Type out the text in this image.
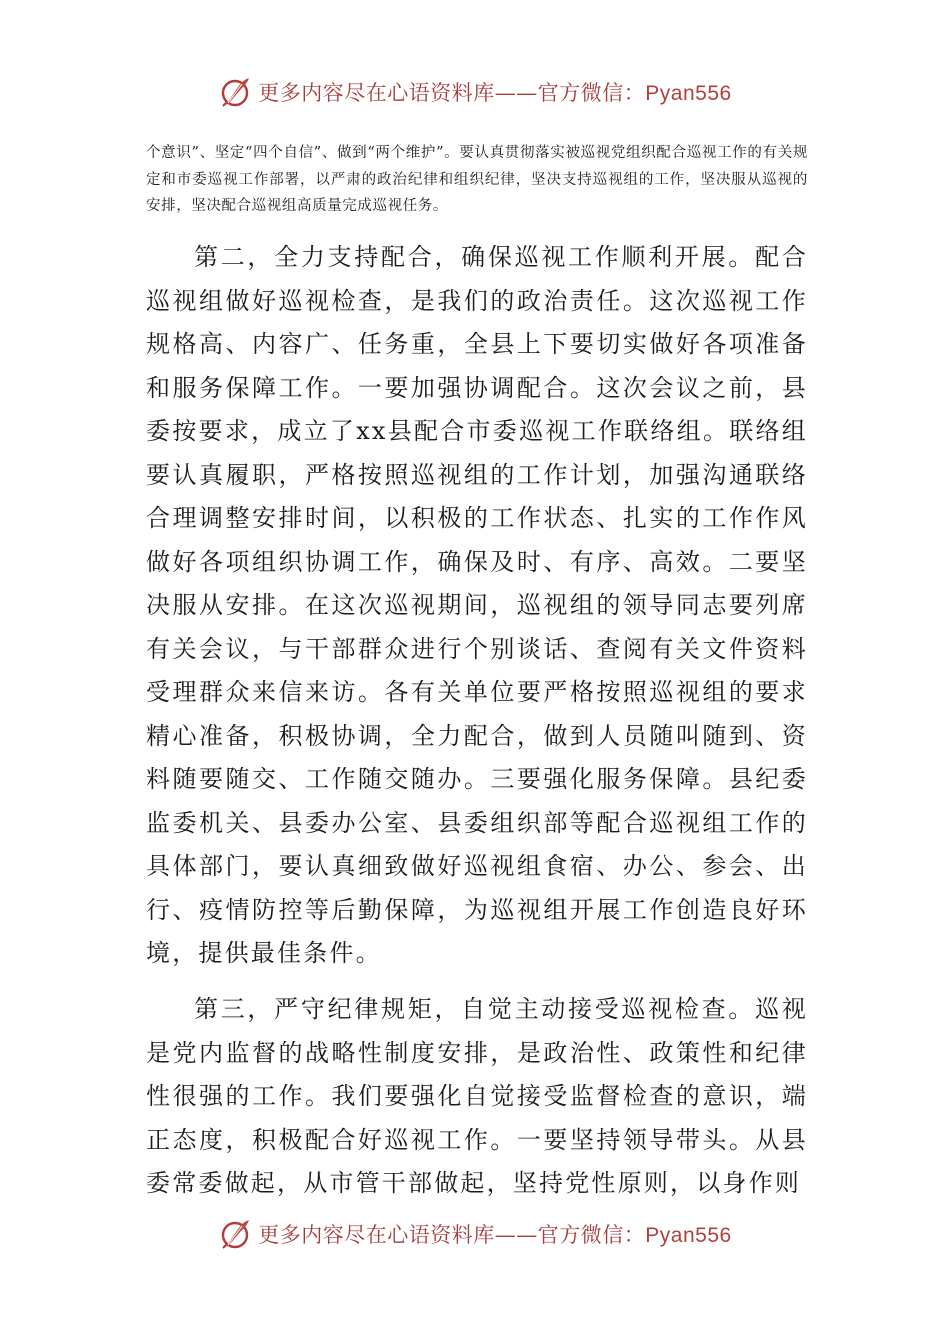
更多内容尽在心语资料库——官方微信：Pyan556

个意识”、坚定“四个自信”、做到“两个维护”。要认真贯彻落实被巡视党组织配合巡视工作的有关规定和市委巡视工作部署，以严肃的政治纪律和组织纪律，坚决支持巡视组的工作，坚决服从巡视的安排，坚决配合巡视组高质量完成巡视任务。

第二，全力支持配合，确保巡视工作顺利开展。配合巡视组做好巡视检查，是我们的政治责任。这次巡视工作规格高、内容广、任务重，全县上下要切实做好各项准备和服务保障工作。一要加强协调配合。这次会议之前，县委按要求，成立了xx县配合市委巡视工作联络组。联络组要认真履职，严格按照巡视组的工作计划，加强沟通联络合理调整安排时间，以积极的工作状态、扎实的工作作风做好各项组织协调工作，确保及时、有序、高效。二要坚决服从安排。在这次巡视期间，巡视组的领导同志要列席有关会议，与干部群众进行个别谈话、查阅有关文件资料受理群众来信来访。各有关单位要严格按照巡视组的要求精心准备，积极协调，全力配合，做到人员随叫随到、资料随要随交、工作随交随办。三要强化服务保障。县纪委监委机关、县委办公室、县委组织部等配合巡视组工作的具体部门，要认真细致做好巡视组食宿、办公、参会、出行、疫情防控等后勤保障，为巡视组开展工作创造良好环境，提供最佳条件。

第三，严守纪律规矩，自觉主动接受巡视检查。巡视是党内监督的战略性制度安排，是政治性、政策性和纪律性很强的工作。我们要强化自觉接受监督检查的意识，端正态度，积极配合好巡视工作。一要坚持领导带头。从县委常委做起，从市管干部做起，坚持党性原则，以身作则

更多内容尽在心语资料库——官方微信：Pyan556
